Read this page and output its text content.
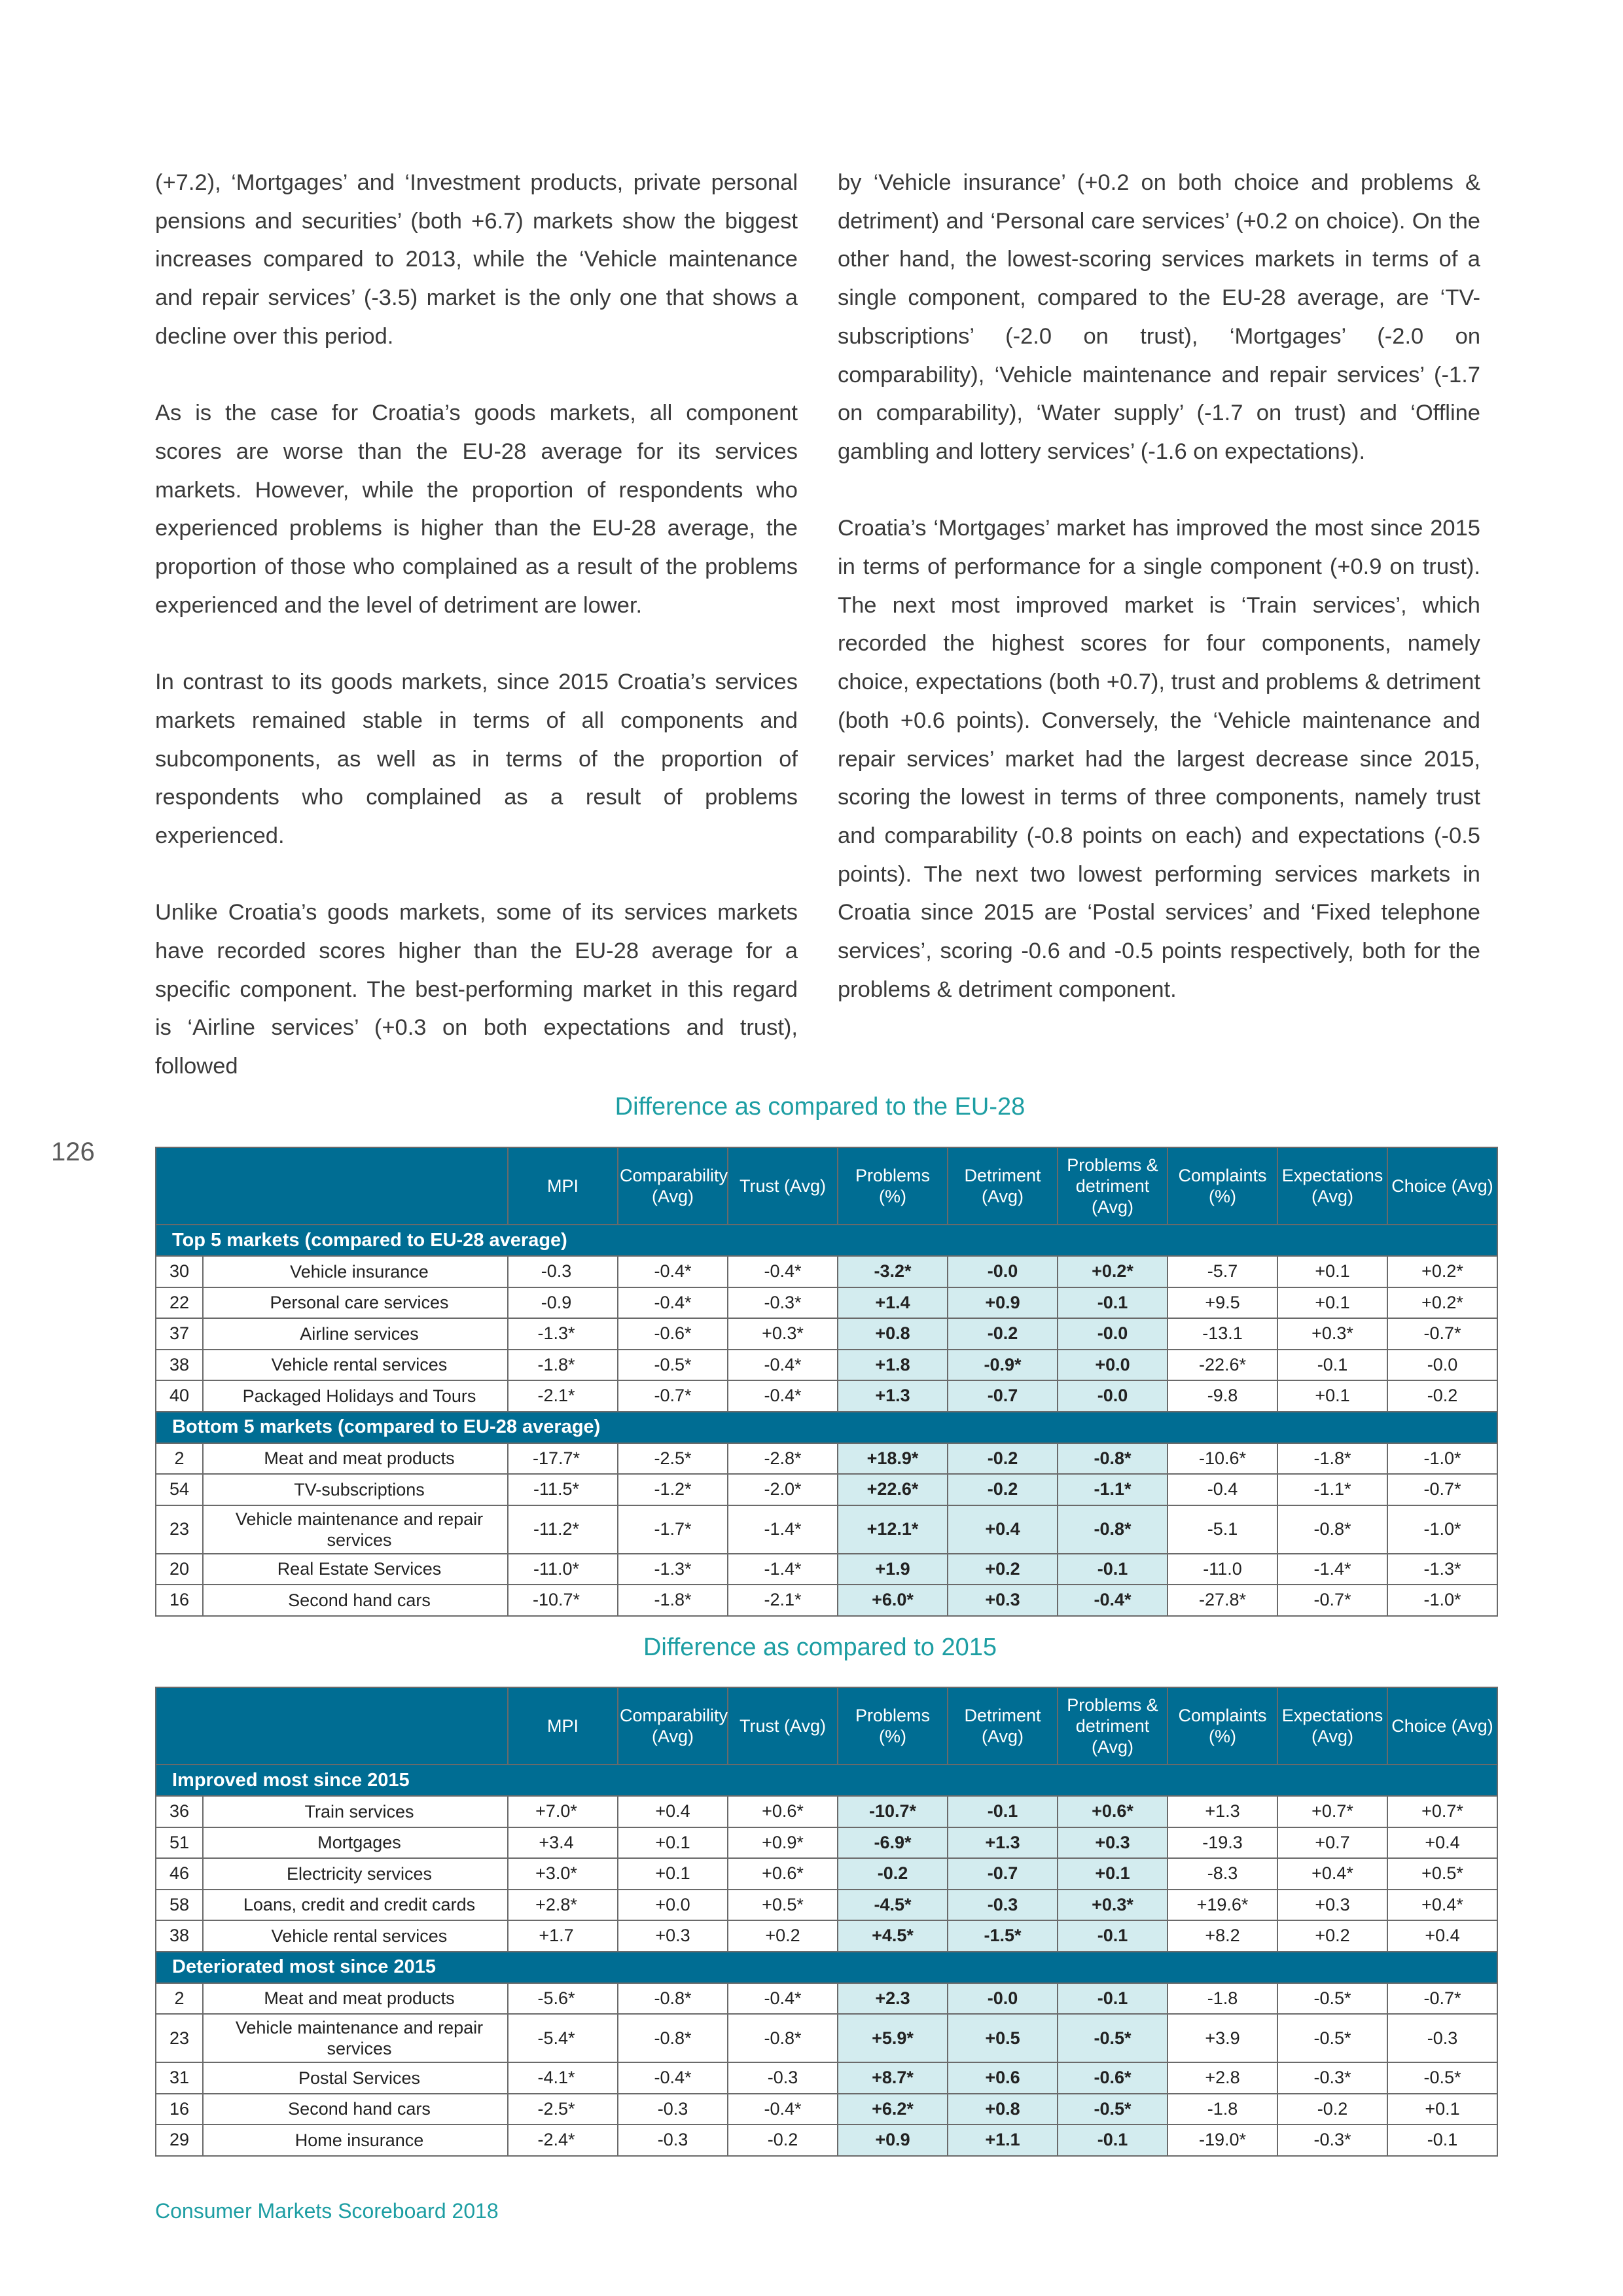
126

(+7.2), ‘Mortgages’ and ‘Investment products, private personal pensions and securities’ (both +6.7) markets show the biggest increases compared to 2013, while the ‘Vehicle maintenance and repair services’ (-3.5) market is the only one that shows a decline over this period.

As is the case for Croatia’s goods markets, all component scores are worse than the EU-28 average for its services markets. However, while the proportion of respondents who experienced problems is higher than the EU-28 average, the proportion of those who complained as a result of the problems experienced and the level of detriment are lower.

In contrast to its goods markets, since 2015 Croatia’s services markets remained stable in terms of all components and subcomponents, as well as in terms of the proportion of respondents who complained as a result of problems experienced.

Unlike Croatia’s goods markets, some of its services markets have recorded scores higher than the EU-28 average for a specific component. The best-performing market in this regard is ‘Airline services’ (+0.3 on both expectations and trust), followed

by ‘Vehicle insurance’ (+0.2 on both choice and problems & detriment) and ‘Personal care services’ (+0.2 on choice). On the other hand, the lowest-scoring services markets in terms of a single component, compared to the EU-28 average, are ‘TV-subscriptions’ (-2.0 on trust), ‘Mortgages’ (-2.0 on comparability), ‘Vehicle maintenance and repair services’ (-1.7 on comparability), ‘Water supply’ (-1.7 on trust) and ‘Offline gambling and lottery services’ (-1.6 on expectations).

Croatia’s ‘Mortgages’ market has improved the most since 2015 in terms of performance for a single component (+0.9 on trust). The next most improved market is ‘Train services’, which recorded the highest scores for four components, namely choice, expectations (both +0.7), trust and problems & detriment (both +0.6 points). Conversely, the ‘Vehicle maintenance and repair services’ market had the largest decrease since 2015, scoring the lowest in terms of three components, namely trust and comparability (-0.8 points on each) and expectations (-0.5 points). The next two lowest performing services markets in Croatia since 2015 are ‘Postal services’ and ‘Fixed telephone services’, scoring -0.6 and -0.5 points respectively, both for the problems & detriment component.

Difference as compared to the EU-28
		MPI	Comparability (Avg)	Trust (Avg)	Problems (%)	Detriment (Avg)	Problems & detriment (Avg)	Complaints (%)	Expectations (Avg)	Choice (Avg)
Top 5 markets (compared to EU-28 average)										
30	Vehicle insurance	-0.3	-0.4*	-0.4*	-3.2*	-0.0	+0.2*	-5.7	+0.1	+0.2*
22	Personal care services	-0.9	-0.4*	-0.3*	+1.4	+0.9	-0.1	+9.5	+0.1	+0.2*
37	Airline services	-1.3*	-0.6*	+0.3*	+0.8	-0.2	-0.0	-13.1	+0.3*	-0.7*
38	Vehicle rental services	-1.8*	-0.5*	-0.4*	+1.8	-0.9*	+0.0	-22.6*	-0.1	-0.0
40	Packaged Holidays and Tours	-2.1*	-0.7*	-0.4*	+1.3	-0.7	-0.0	-9.8	+0.1	-0.2
Bottom 5 markets (compared to EU-28 average)										
2	Meat and meat products	-17.7*	-2.5*	-2.8*	+18.9*	-0.2	-0.8*	-10.6*	-1.8*	-1.0*
54	TV-subscriptions	-11.5*	-1.2*	-2.0*	+22.6*	-0.2	-1.1*	-0.4	-1.1*	-0.7*
23	Vehicle maintenance and repair services	-11.2*	-1.7*	-1.4*	+12.1*	+0.4	-0.8*	-5.1	-0.8*	-1.0*
20	Real Estate Services	-11.0*	-1.3*	-1.4*	+1.9	+0.2	-0.1	-11.0	-1.4*	-1.3*
16	Second hand cars	-10.7*	-1.8*	-2.1*	+6.0*	+0.3	-0.4*	-27.8*	-0.7*	-1.0*
Difference as compared to 2015
		MPI	Comparability (Avg)	Trust (Avg)	Problems (%)	Detriment (Avg)	Problems & detriment (Avg)	Complaints (%)	Expectations (Avg)	Choice (Avg)
Improved most since 2015										
36	Train services	+7.0*	+0.4	+0.6*	-10.7*	-0.1	+0.6*	+1.3	+0.7*	+0.7*
51	Mortgages	+3.4	+0.1	+0.9*	-6.9*	+1.3	+0.3	-19.3	+0.7	+0.4
46	Electricity services	+3.0*	+0.1	+0.6*	-0.2	-0.7	+0.1	-8.3	+0.4*	+0.5*
58	Loans, credit and credit cards	+2.8*	+0.0	+0.5*	-4.5*	-0.3	+0.3*	+19.6*	+0.3	+0.4*
38	Vehicle rental services	+1.7	+0.3	+0.2	+4.5*	-1.5*	-0.1	+8.2	+0.2	+0.4
Deteriorated most since 2015										
2	Meat and meat products	-5.6*	-0.8*	-0.4*	+2.3	-0.0	-0.1	-1.8	-0.5*	-0.7*
23	Vehicle maintenance and repair services	-5.4*	-0.8*	-0.8*	+5.9*	+0.5	-0.5*	+3.9	-0.5*	-0.3
31	Postal Services	-4.1*	-0.4*	-0.3	+8.7*	+0.6	-0.6*	+2.8	-0.3*	-0.5*
16	Second hand cars	-2.5*	-0.3	-0.4*	+6.2*	+0.8	-0.5*	-1.8	-0.2	+0.1
29	Home insurance	-2.4*	-0.3	-0.2	+0.9	+1.1	-0.1	-19.0*	-0.3*	-0.1
Consumer Markets Scoreboard 2018
